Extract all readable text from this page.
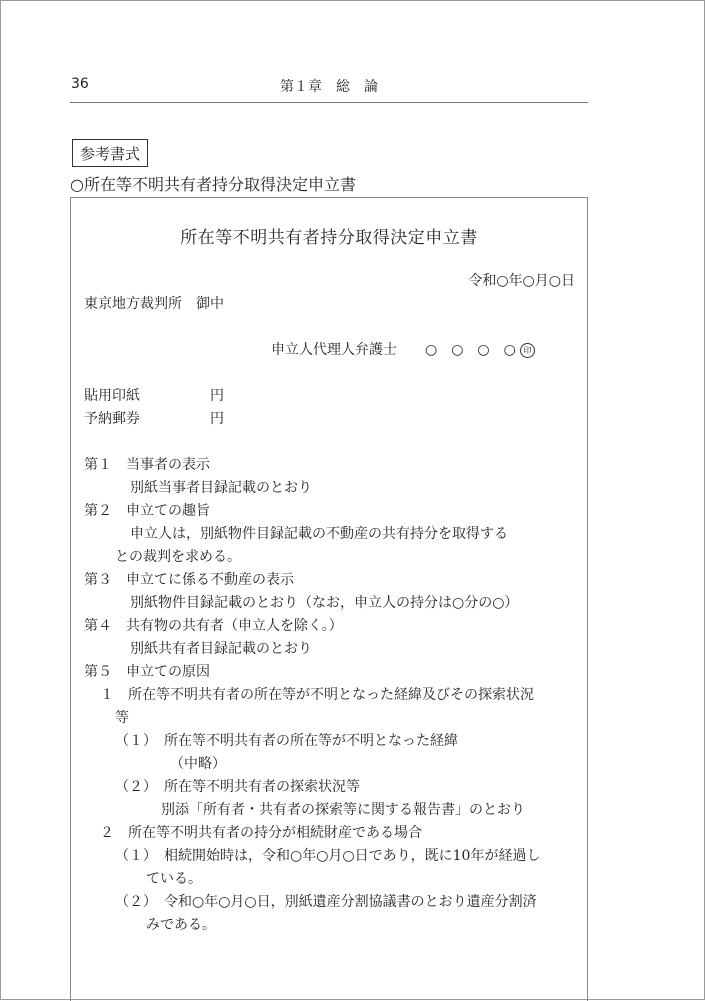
36	第１章　総　論
参考書式
○所在等不明共有者持分取得決定申立書
所在等不明共有者持分取得決定申立書
令和○年○月○日
東京地方裁判所　御中
申立人代理人弁護士　　○　○　○　○ 印
貼用印紙　　　　　円
予納郵券　　　　　円
第１　当事者の表示
別紙当事者目録記載のとおり
第２　申立ての趣旨
申立人は，別紙物件目録記載の不動産の共有持分を取得する
との裁判を求める。
第３　申立てに係る不動産の表示
別紙物件目録記載のとおり（なお，申立人の持分は○分の○）
第４　共有物の共有者（申立人を除く。）
別紙共有者目録記載のとおり
第５　申立ての原因
１　所在等不明共有者の所在等が不明となった経緯及びその探索状況
等
（１）　所在等不明共有者の所在等が不明となった経緯
（中略）
（２）　所在等不明共有者の探索状況等
別添「所有者・共有者の探索等に関する報告書」のとおり
２　所在等不明共有者の持分が相続財産である場合
（１）　相続開始時は，令和○年○月○日であり，既に10年が経過し
ている。
（２）　令和○年○月○日，別紙遺産分割協議書のとおり遺産分割済
みである。
